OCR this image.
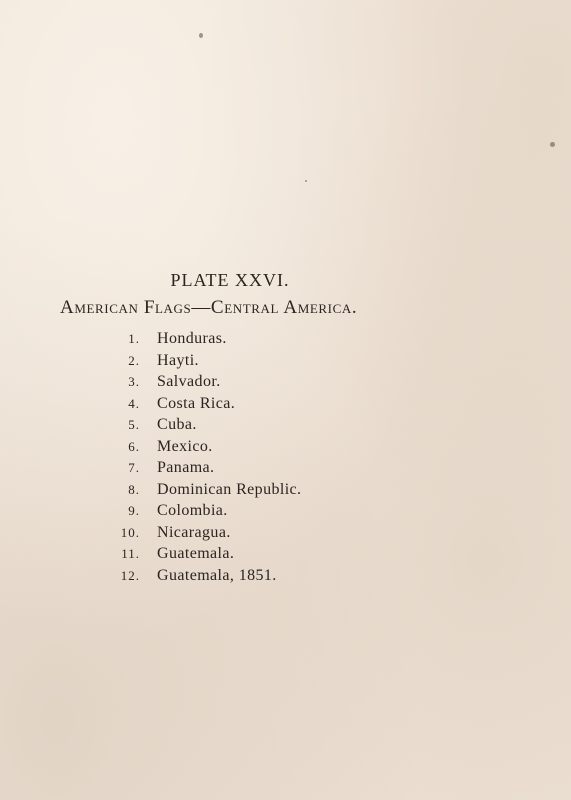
PLATE XXVI.
American Flags—Central America.
1.	Honduras.
2.	Hayti.
3.	Salvador.
4.	Costa Rica.
5.	Cuba.
6.	Mexico.
7.	Panama.
8.	Dominican Republic.
9.	Colombia.
10.	Nicaragua.
11.	Guatemala.
12.	Guatemala, 1851.
